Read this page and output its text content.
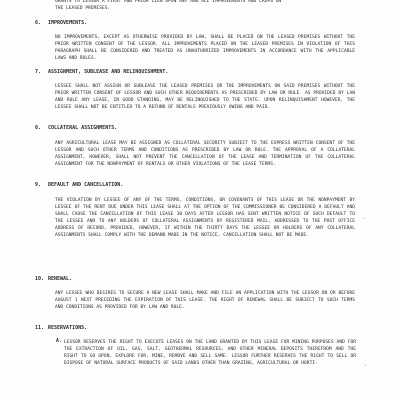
GRANTS TO LESSOR A FIRST AND PRIOR LIEN UPON ANY AND ALL IMPROVEMENTS AND CROPS ON
THE LEASED PREMISES.
6. IMPROVEMENTS.
NO IMPROVEMENTS, EXCEPT AS OTHERWISE PROVIDED BY LAW, SHALL BE PLACED ON THE LEASED PREMISES WITHOUT THE PRIOR WRITTEN CONSENT OF THE LESSOR. ALL IMPROVEMENTS PLACED ON THE LEASED PREMISES IN VIOLATION OF THIS PARAGRAPH SHALL BE CONSIDERED AND TREATED AS UNAUTHORIZED IMPROVEMENTS IN ACCORDANCE WITH THE APPLICABLE LAWS AND RULES.
7. ASSIGNMENT, SUBLEASE AND RELINQUISHMENT.
LESSEE SHALL NOT ASSIGN OR SUBLEASE THE LEASED PREMISES OR THE IMPROVEMENTS ON SAID PREMISES WITHOUT THE PRIOR WRITTEN CONSENT OF LESSOR AND SUCH OTHER REQUIREMENTS AS PRESCRIBED BY LAW OR RULE. AS PROVIDED BY LAW AND RULE ANY LEASE, IN GOOD STANDING, MAY BE RELINQUISHED TO THE STATE. UPON RELINQUISHMENT HOWEVER, THE LESSEE SHALL NOT BE ENTITLED TO A REFUND OF RENTALS PREVIOUSLY OWING AND PAID.
8. COLLATERAL ASSIGNMENTS.
ANY AGRICULTURAL LEASE MAY BE ASSIGNED AS COLLATERAL SECURITY SUBJECT TO THE EXPRESS WRITTEN CONSENT OF THE LESSOR AND SUCH OTHER TERMS AND CONDITIONS AS PRESCRIBED BY LAW OR RULE. THE APPROVAL OF A COLLATERAL ASSIGNMENT, HOWEVER, SHALL NOT PREVENT THE CANCELLATION OF THE LEASE AND TERMINATION OF THE COLLATERAL ASSIGNMENT FOR THE NONPAYMENT OF RENTALS OR OTHER VIOLATIONS OF THE LEASE TERMS.
9. DEFAULT AND CANCELLATION.
THE VIOLATION BY LESSEE OF ANY OF THE TERMS, CONDITIONS, OR COVENANTS OF THIS LEASE OR THE NONPAYMENT BY LESSEE OF THE RENT DUE UNDER THIS LEASE SHALL AT THE OPTION OF THE COMMISSIONER BE CONSIDERED A DEFAULT AND SHALL CAUSE THE CANCELLATION OF THIS LEASE 30 DAYS AFTER LESSOR HAS SENT WRITTEN NOTICE OF SUCH DEFAULT TO THE LESSEE AND TO ANY HOLDERS OF COLLATERAL ASSIGNMENTS BY REGISTERED MAIL, ADDRESSED TO THE POST OFFICE ADDRESS OF RECORD, PROVIDED, HOWEVER, IF WITHIN THE THIRTY DAYS THE LESSEE OR HOLDERS OF ANY COLLATERAL ASSIGNMENTS SHALL COMPLY WITH THE DEMAND MADE IN THE NOTICE, CANCELLATION SHALL NOT BE MADE.
10. RENEWAL.
ANY LESSEE WHO DESIRES TO SECURE A NEW LEASE SHALL MAKE AND FILE AN APPLICATION WITH THE LESSOR ON OR BEFORE AUGUST 1 NEXT PRECEDING THE EXPIRATION OF THIS LEASE. THE RIGHT OF RENEWAL SHALL BE SUBJECT TO SUCH TERMS AND CONDITIONS AS PROVIDED FOR BY LAW AND RULE.
11. RESERVATIONS.
A. LESSOR RESERVES THE RIGHT TO EXECUTE LEASES ON THE LAND GRANTED BY THIS LEASE FOR MINING PURPOSES AND FOR THE EXTRACTION OF OIL, GAS, SALT, GEOTHERMAL RESOURCES, AND OTHER MINERAL DEPOSITS THEREFROM AND THE RIGHT TO GO UPON, EXPLORE FOR, MINE, REMOVE AND SELL SAME. LESSOR FURTHER RESERVES THE RIGHT TO SELL OR DISPOSE OF NATURAL SURFACE PRODUCTS OF SAID LANDS OTHER THAN GRAZING, AGRICULTURAL OR HORTI-
·
·
